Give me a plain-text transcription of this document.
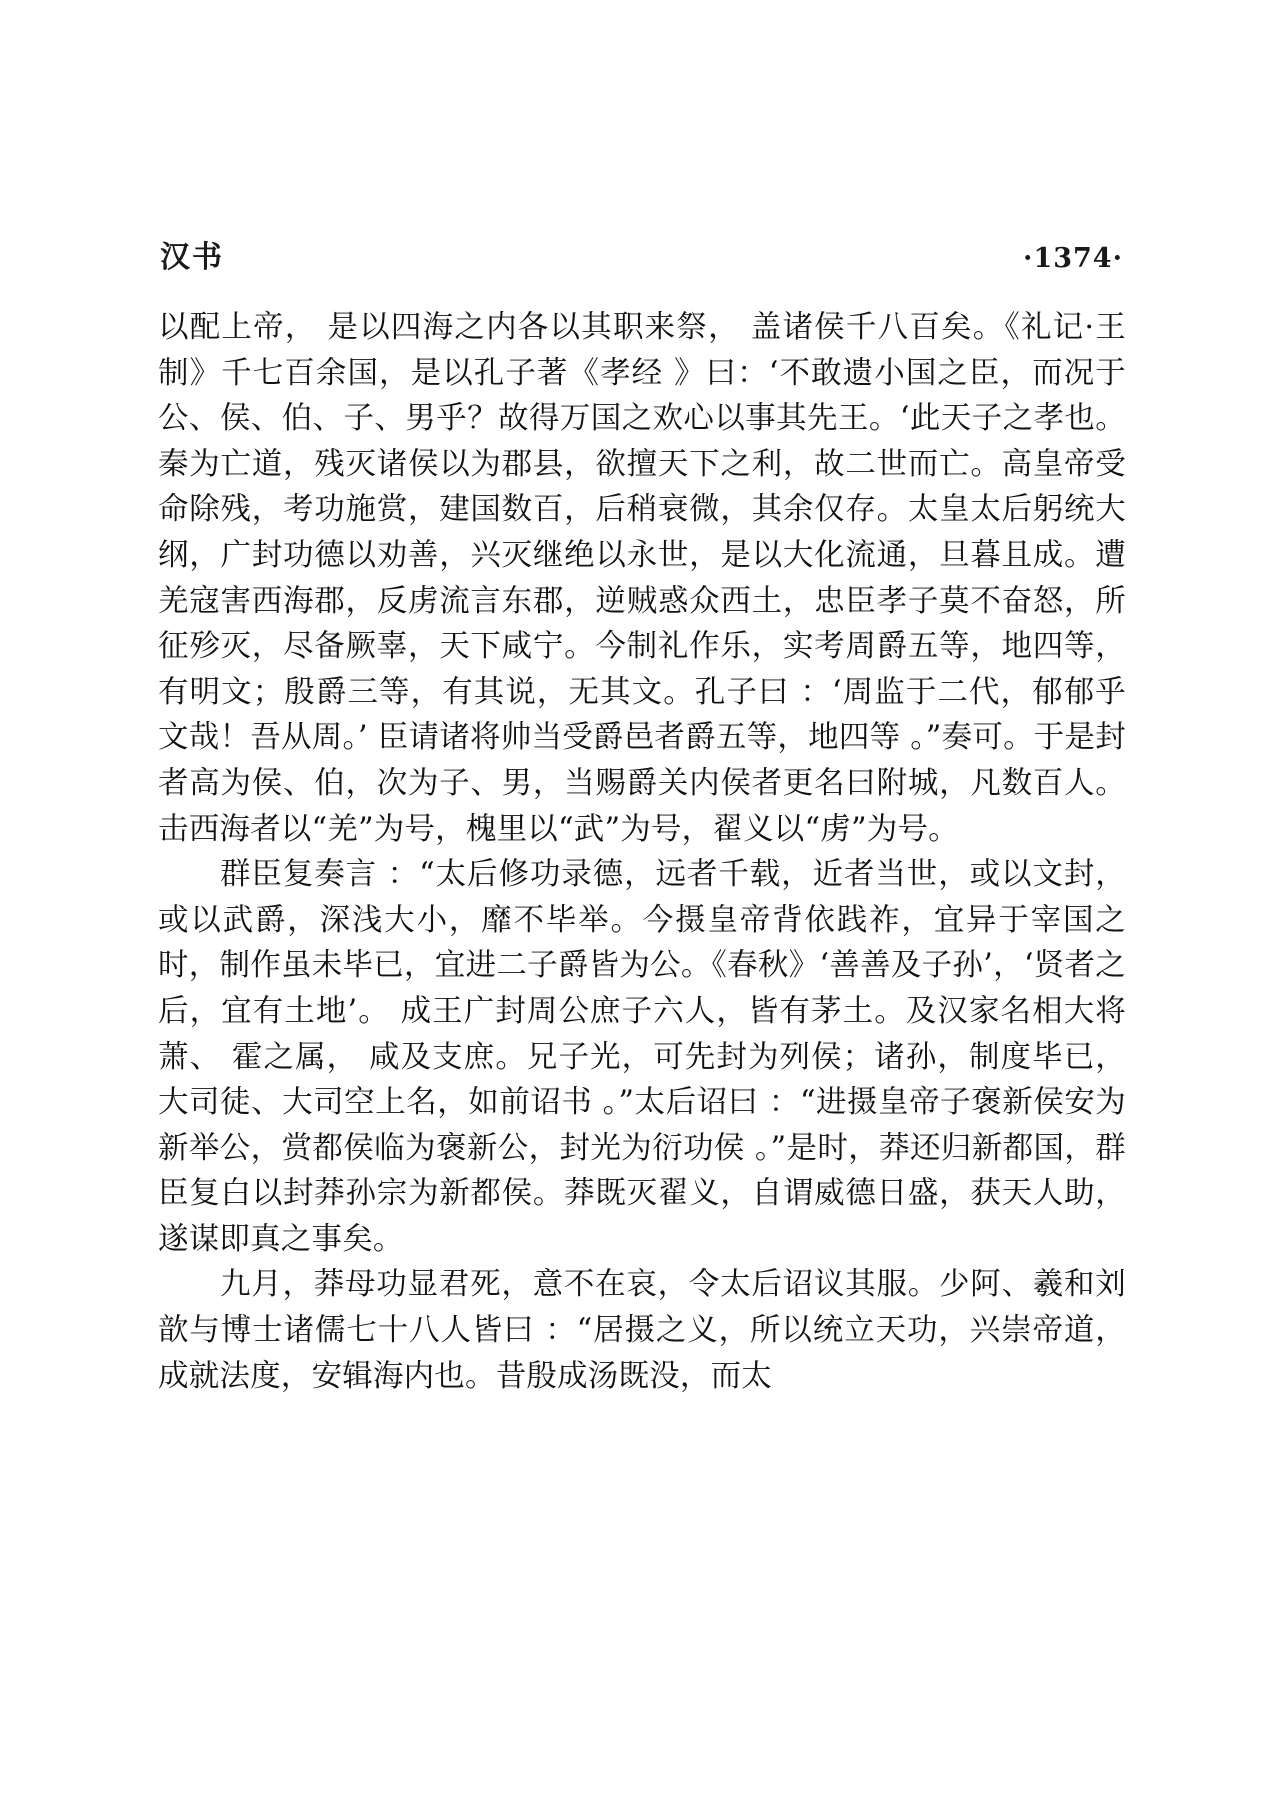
汉书	·1374·

以配上帝， 是以四海之内各以其职来祭， 盖诸侯千八百矣。《礼记·王制》千七百余国，是以孔子著《孝经 》曰：‘不敢遗小国之臣，而况于公、侯、伯、子、男乎？故得万国之欢心以事其先王。‘此天子之孝也。秦为亡道，残灭诸侯以为郡县，欲擅天下之利，故二世而亡。高皇帝受命除残，考功施赏，建国数百，后稍衰微，其余仅存。太皇太后躬统大纲，广封功德以劝善，兴灭继绝以永世，是以大化流通，旦暮且成。遭羌寇害西海郡，反虏流言东郡，逆贼惑众西土，忠臣孝子莫不奋怒，所征殄灭，尽备厥辜，天下咸宁。今制礼作乐，实考周爵五等，地四等，有明文；殷爵三等，有其说，无其文。孔子曰 ：‘周监于二代，郁郁乎文哉！吾从周。’ 臣请诸将帅当受爵邑者爵五等，地四等 。”奏可。于是封者高为侯、伯，次为子、男，当赐爵关内侯者更名曰附城，凡数百人。击西海者以“羌”为号，槐里以“武”为号，翟义以“虏”为号。

群臣复奏言 ：“太后修功录德，远者千载，近者当世，或以文封，或以武爵，深浅大小，靡不毕举。今摄皇帝背依践祚，宜异于宰国之时，制作虽未毕已，宜进二子爵皆为公。《春秋》‘善善及子孙’，‘贤者之后，宜有土地’。 成王广封周公庶子六人，皆有茅土。及汉家名相大将萧、 霍之属， 咸及支庶。兄子光，可先封为列侯；诸孙，制度毕已，大司徒、大司空上名，如前诏书 。”太后诏曰 ：“进摄皇帝子褒新侯安为新举公，赏都侯临为褒新公，封光为衍功侯 。”是时，莽还归新都国，群臣复白以封莽孙宗为新都侯。莽既灭翟义，自谓威德日盛，获天人助，遂谋即真之事矣。

九月，莽母功显君死，意不在哀，令太后诏议其服。少阿、羲和刘歆与博士诸儒七十八人皆曰 ：“居摄之义，所以统立天功，兴崇帝道，成就法度，安辑海内也。昔殷成汤既没，而太
